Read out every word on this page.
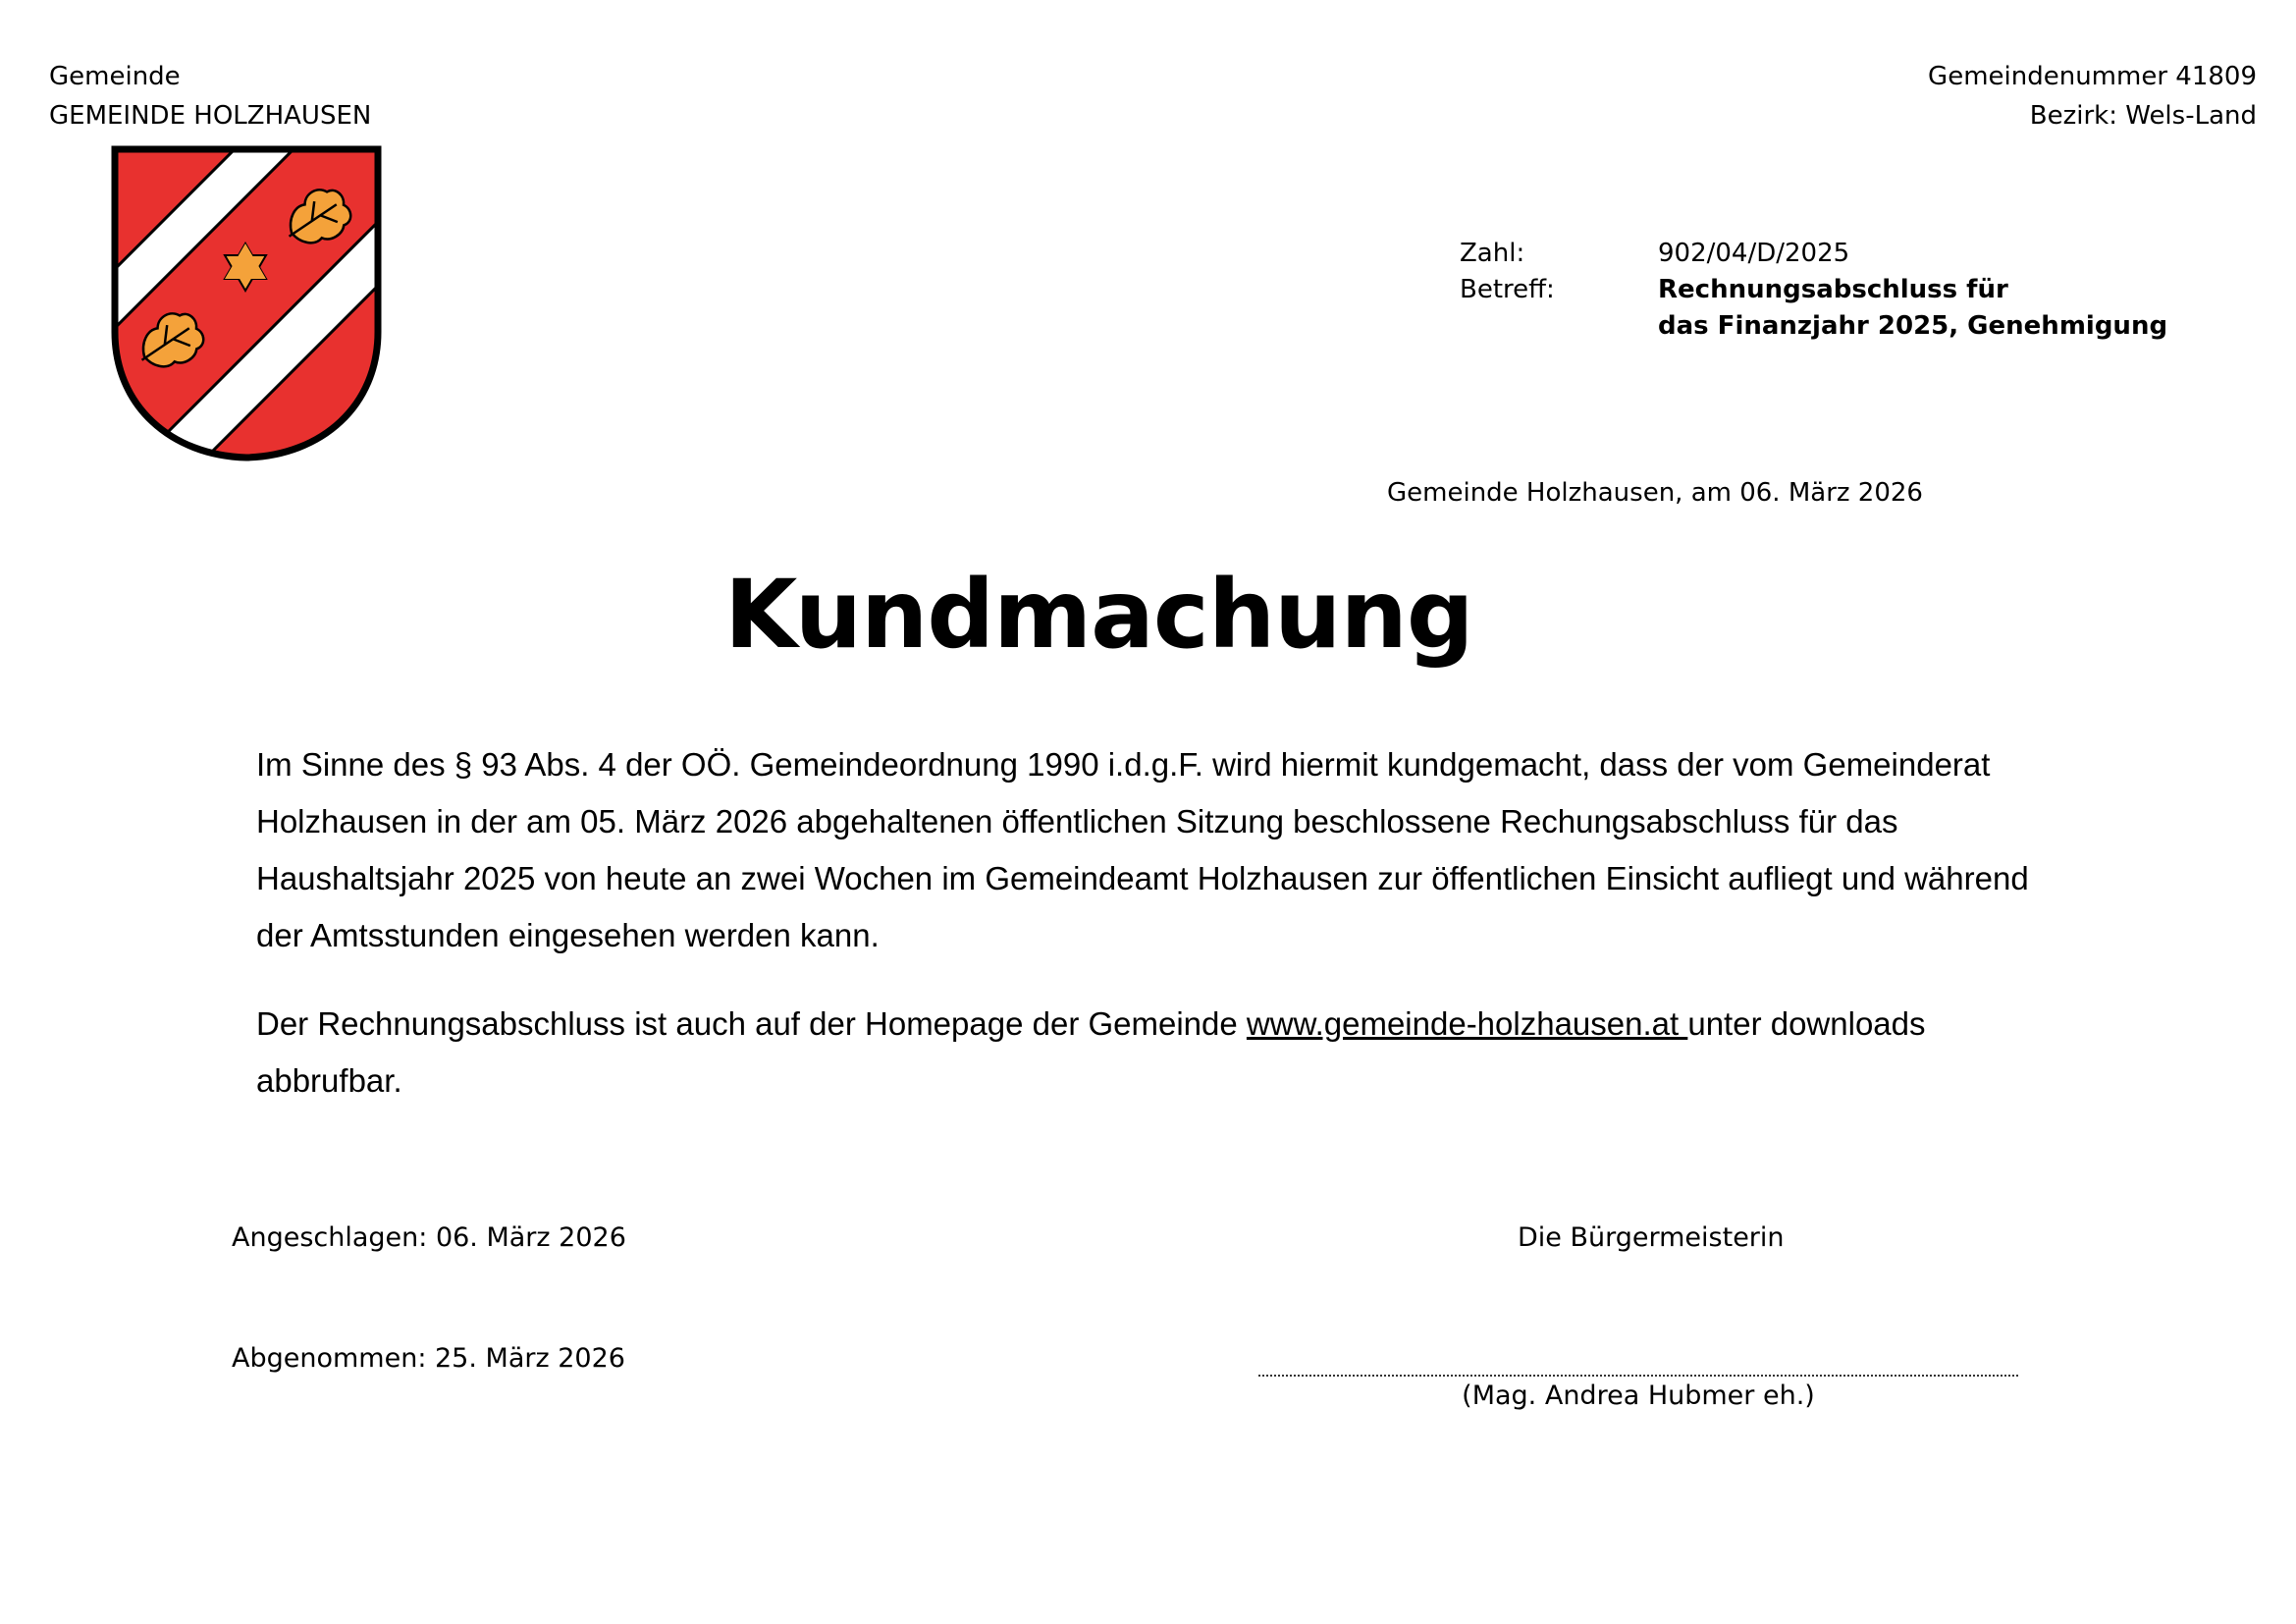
Gemeinde
GEMEINDE HOLZHAUSEN
Gemeindenummer 41809
Bezirk: Wels-Land
Zahl:	902/04/D/2025
Betreff:	Rechnungsabschluss für
das Finanzjahr 2025, Genehmigung
Gemeinde Holzhausen, am 06. März 2026
Kundmachung

Im Sinne des § 93 Abs. 4 der OÖ. Gemeindeordnung 1990 i.d.g.F. wird hiermit kundgemacht, dass der vom Gemeinderat Holzhausen in der am 05. März 2026 abgehaltenen öffentlichen Sitzung beschlossene Rechungsabschluss für das Haushaltsjahr 2025 von heute an zwei Wochen im Gemeindeamt Holzhausen zur öffentlichen Einsicht aufliegt und während der Amtsstunden eingesehen werden kann.

Der Rechnungsabschluss ist auch auf der Homepage der Gemeinde www.gemeinde-holzhausen.at unter downloads abbrufbar.

Angeschlagen: 06. März 2026
Abgenommen: 25. März 2026
Die Bürgermeisterin
(Mag. Andrea Hubmer eh.)
